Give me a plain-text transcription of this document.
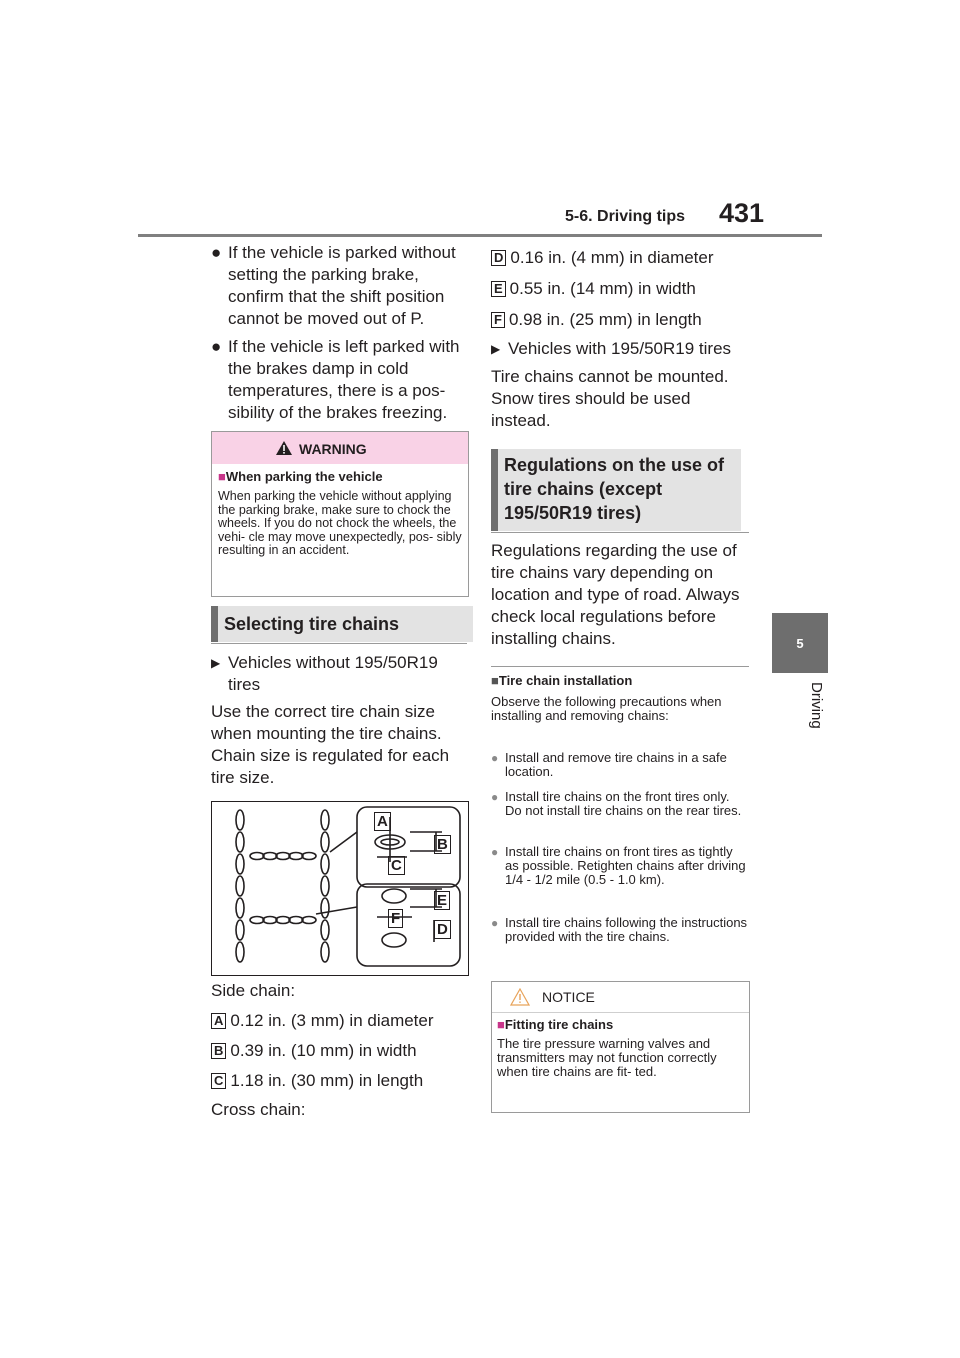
5-6. Driving tips 431
5
Driving
● If the vehicle is parked without setting the parking brake, confirm that the shift position cannot be moved out of P.
● If the vehicle is left parked with the brakes damp in cold temperatures, there is a pos- sibility of the brakes freezing.
WARNING
■When parking the vehicle
When parking the vehicle without applying the parking brake, make sure to chock the wheels. If you do not chock the wheels, the vehi- cle may move unexpectedly, pos- sibly resulting in an accident.
Selecting tire chains
▶ Vehicles without 195/50R19 tires
Use the correct tire chain size when mounting the tire chains. Chain size is regulated for each tire size.
A
B
C
E
F
D
Side chain:
A 0.12 in. (3 mm) in diameter
B 0.39 in. (10 mm) in width
C 1.18 in. (30 mm) in length
Cross chain:
D 0.16 in. (4 mm) in diameter
E 0.55 in. (14 mm) in width
F 0.98 in. (25 mm) in length
▶ Vehicles with 195/50R19 tires
Tire chains cannot be mounted. Snow tires should be used instead.
Regulations on the use of tire chains (except 195/50R19 tires)
Regulations regarding the use of tire chains vary depending on location and type of road. Always check local regulations before installing chains.
■Tire chain installation
Observe the following precautions when installing and removing chains:
● Install and remove tire chains in a safe location.
● Install tire chains on the front tires only. Do not install tire chains on the rear tires.
● Install tire chains on front tires as tightly as possible. Retighten chains after driving 1/4 - 1/2 mile (0.5 - 1.0 km).
● Install tire chains following the instructions provided with the tire chains.
NOTICE
■Fitting tire chains
The tire pressure warning valves and transmitters may not function correctly when tire chains are fit- ted.
